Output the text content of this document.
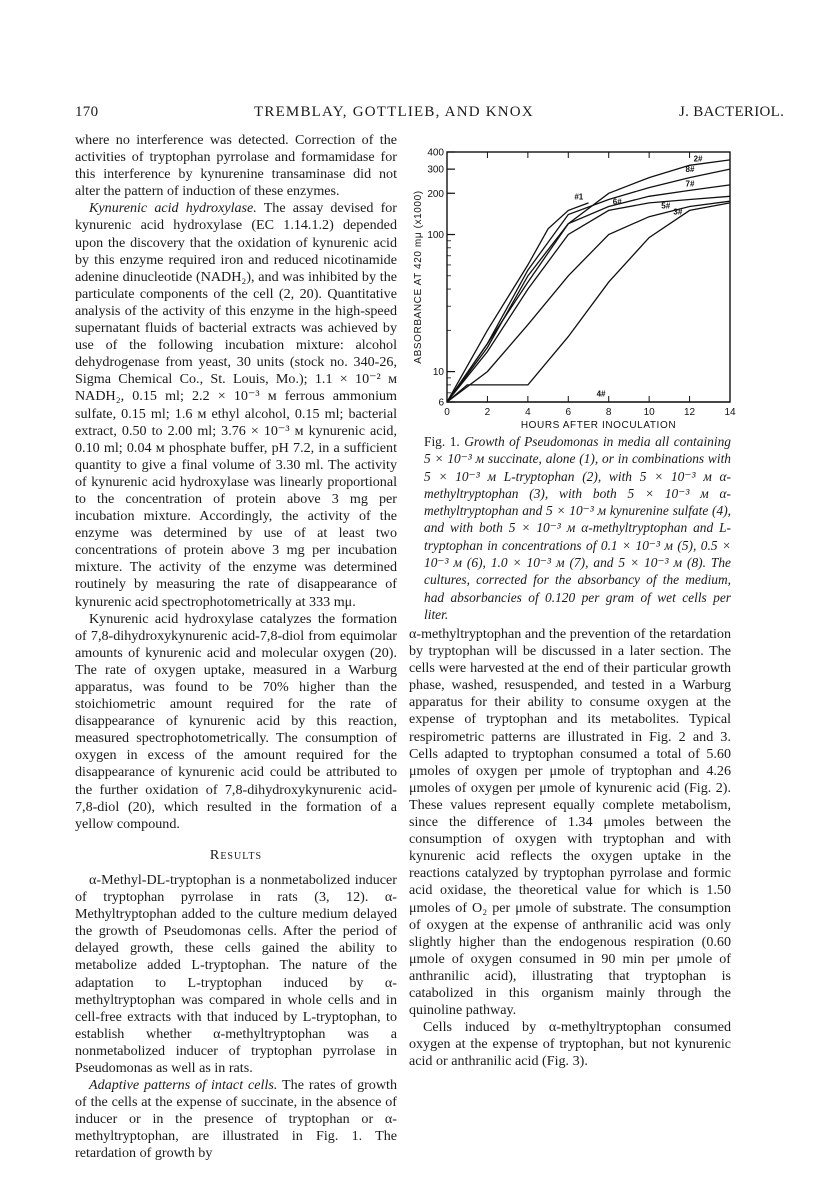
170	TREMBLAY, GOTTLIEB, AND KNOX	J. BACTERIOL.

where no interference was detected. Correction of the activities of tryptophan pyrrolase and formamidase for this interference by kynurenine transaminase did not alter the pattern of induction of these enzymes.

Kynurenic acid hydroxylase. The assay devised for kynurenic acid hydroxylase (EC 1.14.1.2) depended upon the discovery that the oxidation of kynurenic acid by this enzyme required iron and reduced nicotinamide adenine dinucleotide (NADH₂), and was inhibited by the particulate components of the cell (2, 20). Quantitative analysis of the activity of this enzyme in the high-speed supernatant fluids of bacterial extracts was achieved by use of the following incubation mixture: alcohol dehydrogenase from yeast, 30 units (stock no. 340-26, Sigma Chemical Co., St. Louis, Mo.); 1.1 × 10⁻² м NADH₂, 0.15 ml; 2.2 × 10⁻³ м ferrous ammonium sulfate, 0.15 ml; 1.6 м ethyl alcohol, 0.15 ml; bacterial extract, 0.50 to 2.00 ml; 3.76 × 10⁻³ м kynurenic acid, 0.10 ml; 0.04 м phosphate buffer, pH 7.2, in a sufficient quantity to give a final volume of 3.30 ml. The activity of kynurenic acid hydroxylase was linearly proportional to the concentration of protein above 3 mg per incubation mixture. Accordingly, the activity of the enzyme was determined by use of at least two concentrations of protein above 3 mg per incubation mixture. The activity of the enzyme was determined routinely by measuring the rate of disappearance of kynurenic acid spectrophotometrically at 333 mμ.

Kynurenic acid hydroxylase catalyzes the formation of 7,8-dihydroxykynurenic acid-7,8-diol from equimolar amounts of kynurenic acid and molecular oxygen (20). The rate of oxygen uptake, measured in a Warburg apparatus, was found to be 70% higher than the stoichiometric amount required for the rate of disappearance of kynurenic acid by this reaction, measured spectrophotometrically. The consumption of oxygen in excess of the amount required for the disappearance of kynurenic acid could be attributed to the further oxidation of 7,8-dihydroxykynurenic acid-7,8-diol (20), which resulted in the formation of a yellow compound.

Results

α-Methyl-DL-tryptophan is a nonmetabolized inducer of tryptophan pyrrolase in rats (3, 12). α-Methyltryptophan added to the culture medium delayed the growth of Pseudomonas cells. After the period of delayed growth, these cells gained the ability to metabolize added L-tryptophan. The nature of the adaptation to L-tryptophan induced by α-methyltryptophan was compared in whole cells and in cell-free extracts with that induced by L-tryptophan, to establish whether α-methyltryptophan was a nonmetabolized inducer of tryptophan pyrrolase in Pseudomonas as well as in rats.

Adaptive patterns of intact cells. The rates of growth of the cells at the expense of succinate, in the absence of inducer or in the presence of tryptophan or α-methyltryptophan, are illustrated in Fig. 1. The retardation of growth by

0	2	4	6	8	10	12	14
6
10
100
200
300
400
HOURS AFTER INOCULATION
ABSORBANCE AT 420 mμ (x1000)	#1
2#
3#
4#
5#
6#
7#
8#
Fig. 1. Growth of Pseudomonas in media all containing 5 × 10⁻³ м succinate, alone (1), or in combinations with 5 × 10⁻³ м L-tryptophan (2), with 5 × 10⁻³ м α-methyltryptophan (3), with both 5 × 10⁻³ м α-methyltryptophan and 5 × 10⁻³ м kynurenine sulfate (4), and with both 5 × 10⁻³ м α-methyltryptophan and L-tryptophan in concentrations of 0.1 × 10⁻³ м (5), 0.5 × 10⁻³ м (6), 1.0 × 10⁻³ м (7), and 5 × 10⁻³ м (8). The cultures, corrected for the absorbancy of the medium, had absorbancies of 0.120 per gram of wet cells per liter.

α-methyltryptophan and the prevention of the retardation by tryptophan will be discussed in a later section. The cells were harvested at the end of their particular growth phase, washed, resuspended, and tested in a Warburg apparatus for their ability to consume oxygen at the expense of tryptophan and its metabolites. Typical respirometric patterns are illustrated in Fig. 2 and 3. Cells adapted to tryptophan consumed a total of 5.60 μmoles of oxygen per μmole of tryptophan and 4.26 μmoles of oxygen per μmole of kynurenic acid (Fig. 2). These values represent equally complete metabolism, since the difference of 1.34 μmoles between the consumption of oxygen with tryptophan and with kynurenic acid reflects the oxygen uptake in the reactions catalyzed by tryptophan pyrrolase and formic acid oxidase, the theoretical value for which is 1.50 μmoles of O₂ per μmole of substrate. The consumption of oxygen at the expense of anthranilic acid was only slightly higher than the endogenous respiration (0.60 μmole of oxygen consumed in 90 min per μmole of anthranilic acid), illustrating that tryptophan is catabolized in this organism mainly through the quinoline pathway.

Cells induced by α-methyltryptophan consumed oxygen at the expense of tryptophan, but not kynurenic acid or anthranilic acid (Fig. 3).
